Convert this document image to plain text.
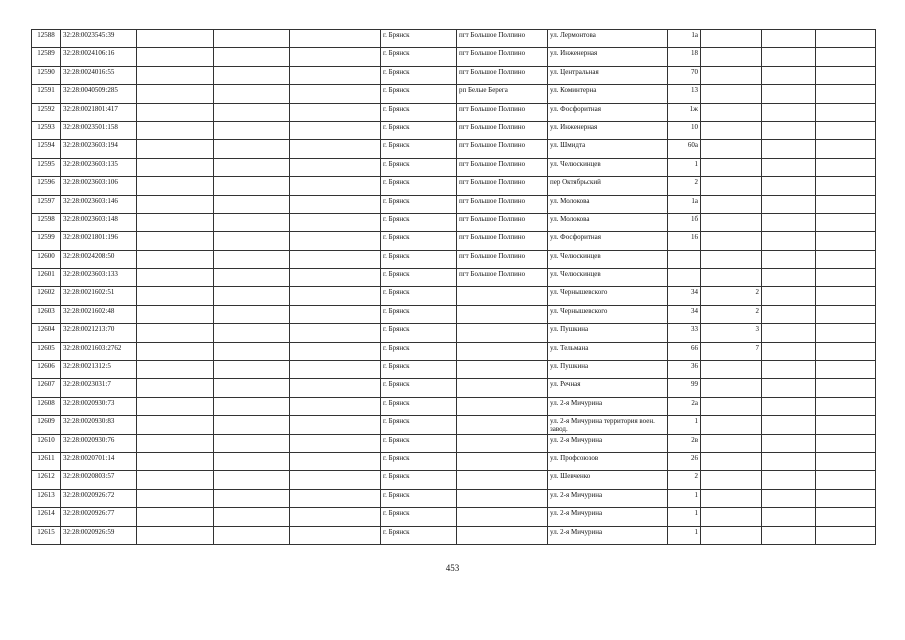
12588	32:28:0023545:39				г. Брянск	пгт Большое Полпино	ул. Лермонтова	1а			
12589	32:28:0024106:16				г. Брянск	пгт Большое Полпино	ул. Инженерная	18			
12590	32:28:0024016:55				г. Брянск	пгт Большое Полпино	ул. Центральная	70			
12591	32:28:0040509:285				г. Брянск	рп Белые Берега	ул. Коминтерна	13			
12592	32:28:0021801:417				г. Брянск	пгт Большое Полпино	ул. Фосфоритная	1ж			
12593	32:28:0023501:158				г. Брянск	пгт Большое Полпино	ул. Инженерная	10			
12594	32:28:0023603:194				г. Брянск	пгт Большое Полпино	ул. Шмидта	60а			
12595	32:28:0023603:135				г. Брянск	пгт Большое Полпино	ул. Челюскинцев	1			
12596	32:28:0023603:106				г. Брянск	пгт Большое Полпино	пер Октябрьский	2			
12597	32:28:0023603:146				г. Брянск	пгт Большое Полпино	ул. Молокова	1а			
12598	32:28:0023603:148				г. Брянск	пгт Большое Полпино	ул. Молокова	1б			
12599	32:28:0021801:196				г. Брянск	пгт Большое Полпино	ул. Фосфоритная	16			
12600	32:28:0024208:50				г. Брянск	пгт Большое Полпино	ул. Челюскинцев				
12601	32:28:0023603:133				г. Брянск	пгт Большое Полпино	ул. Челюскинцев				
12602	32:28:0021602:51				г. Брянск		ул. Чернышевского	34	2		
12603	32:28:0021602:48				г. Брянск		ул. Чернышевского	34	2		
12604	32:28:0021213:70				г. Брянск		ул. Пушкина	33	3		
12605	32:28:0021603:2762				г. Брянск		ул. Тельмана	66	7		
12606	32:28:0021312:5				г. Брянск		ул. Пушкина	36			
12607	32:28:0023031:7				г. Брянск		ул. Речная	99			
12608	32:28:0020930:73				г. Брянск		ул. 2-я Мичурина	2а			
12609	32:28:0020930:83				г. Брянск		ул. 2-я Мичурина территория воен. завод.	1			
12610	32:28:0020930:76				г. Брянск		ул. 2-я Мичурина	2в			
12611	32:28:0020701:14				г. Брянск		ул. Профсоюзов	26			
12612	32:28:0020803:57				г. Брянск		ул. Шевченко	2			
12613	32:28:0020926:72				г. Брянск		ул. 2-я Мичурина	1			
12614	32:28:0020926:77				г. Брянск		ул. 2-я Мичурина	1			
12615	32:28:0020926:59				г. Брянск		ул. 2-я Мичурина	1			
453
